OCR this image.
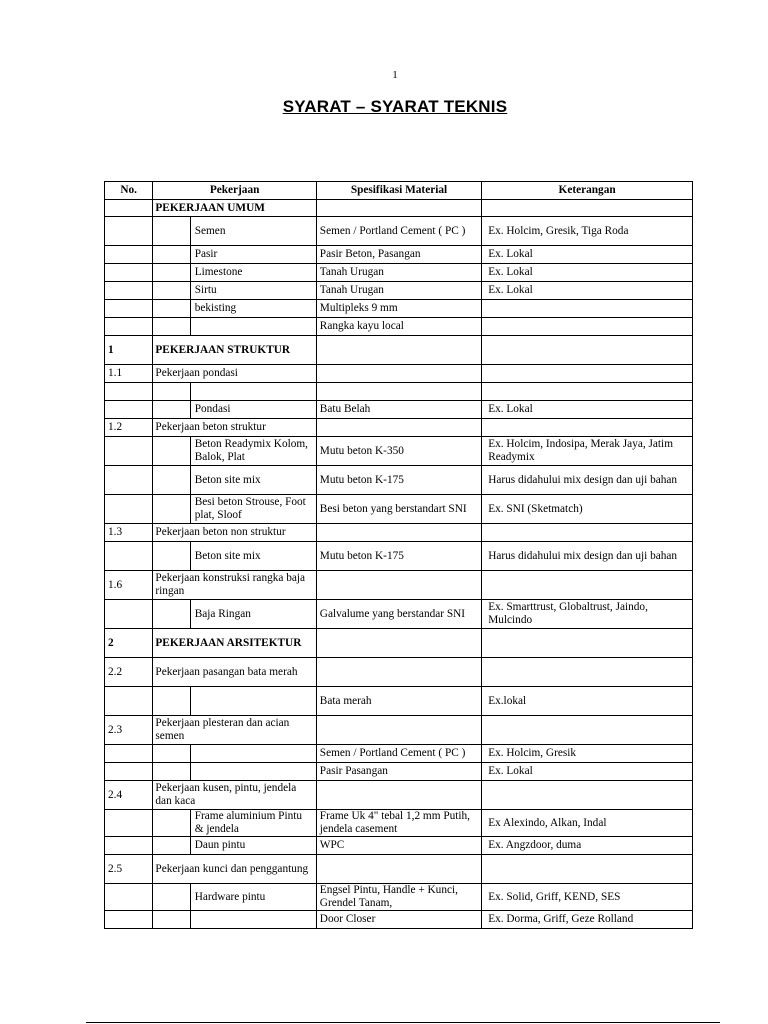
1
SYARAT – SYARAT TEKNIS
No.	Pekerjaan		Spesifikasi Material	Keterangan
	PEKERJAAN UMUM			
		Semen	Semen / Portland Cement ( PC )	Ex. Holcim, Gresik, Tiga Roda
		Pasir	Pasir Beton, Pasangan	Ex. Lokal
		Limestone	Tanah Urugan	Ex. Lokal
		Sirtu	Tanah Urugan	Ex. Lokal
		bekisting	Multipleks 9 mm	
			Rangka kayu local	
1	PEKERJAAN STRUKTUR			
1.1	Pekerjaan pondasi			

		Pondasi	Batu Belah	Ex. Lokal
1.2	Pekerjaan beton struktur			
		Beton Readymix Kolom, Balok, Plat	Mutu beton K-350	Ex. Holcim, Indosipa, Merak Jaya, Jatim Readymix
		Beton site mix	Mutu beton K-175	Harus didahului mix design dan uji bahan
		Besi beton Strouse, Foot plat, Sloof	Besi beton yang berstandart SNI	Ex. SNI (Sketmatch)
1.3	Pekerjaan beton non struktur			
		Beton site mix	Mutu beton K-175	Harus didahului mix design dan uji bahan
1.6	Pekerjaan konstruksi rangka baja ringan			
		Baja Ringan	Galvalume yang berstandar SNI	Ex. Smarttrust, Globaltrust, Jaindo, Mulcindo
2	PEKERJAAN ARSITEKTUR			
2.2	Pekerjaan pasangan bata merah			
			Bata merah	Ex.lokal
2.3	Pekerjaan plesteran dan acian semen			
			Semen / Portland Cement ( PC )	Ex. Holcim, Gresik
			Pasir Pasangan	Ex. Lokal
2.4	Pekerjaan kusen, pintu, jendela dan kaca			
		Frame aluminium Pintu & jendela	Frame Uk 4" tebal 1,2 mm Putih, jendela casement	Ex Alexindo, Alkan, Indal
		Daun pintu	WPC	Ex. Angzdoor, duma
2.5	Pekerjaan kunci dan penggantung			
		Hardware pintu	Engsel Pintu, Handle + Kunci, Grendel Tanam,	Ex. Solid, Griff, KEND, SES
			Door Closer	Ex. Dorma, Griff, Geze Rolland
